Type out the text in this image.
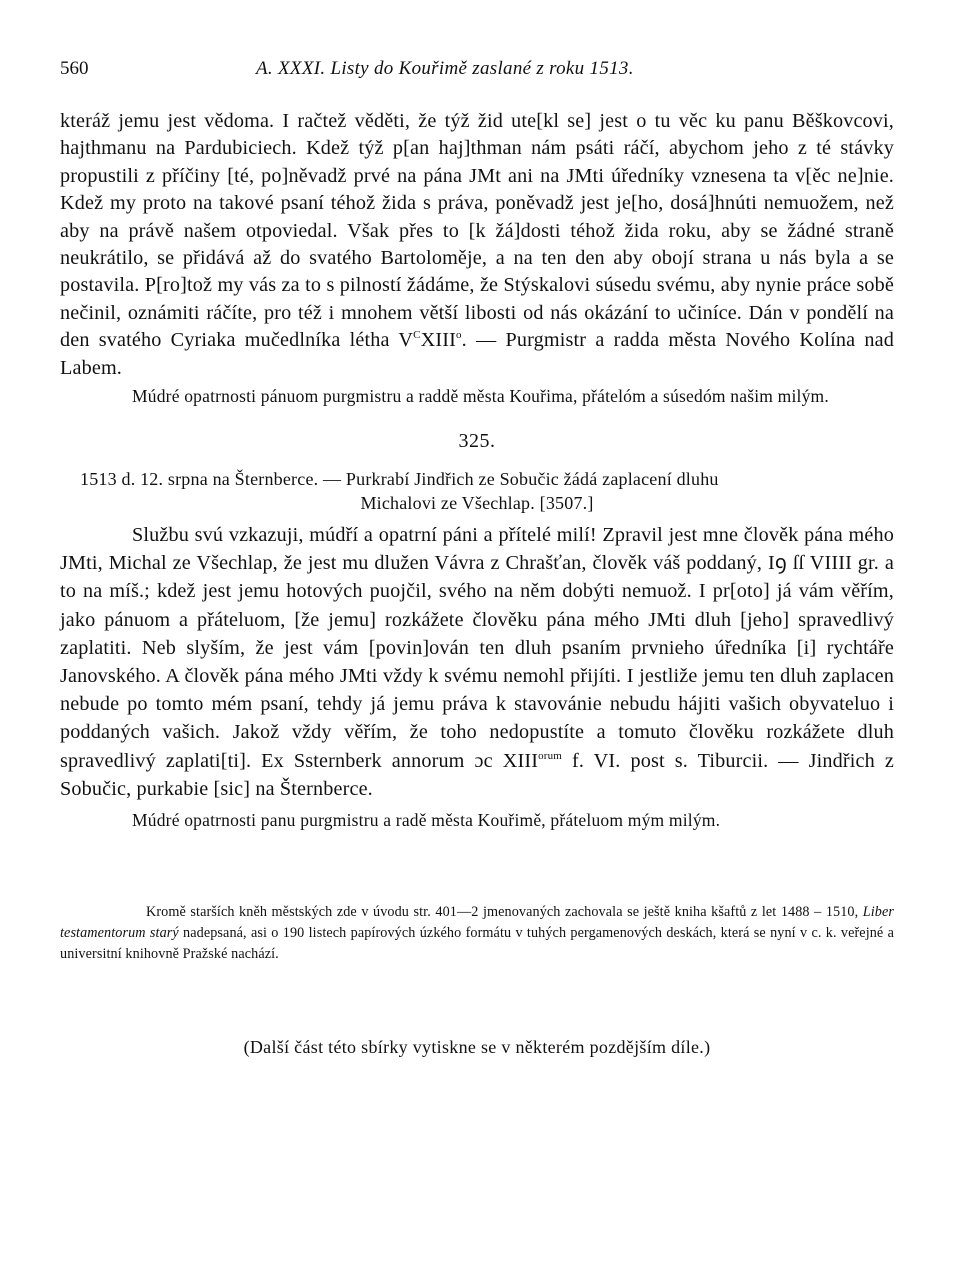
560	A. XXXI. Listy do Kouřimě zaslané z roku 1513.

kteráž jemu jest vědoma. I račtež věděti, že týž žid ute[kl se] jest o tu věc ku panu Běškovcovi, hajthmanu na Pardubiciech. Kdež týž p[an haj]thman nám psáti ráčí, abychom jeho z té stávky propustili z příčiny [té, po]něvadž prvé na pána JMt ani na JMti úředníky vznesena ta v[ěc ne]nie. Kdež my proto na takové psaní téhož žida s práva, poněvadž jest je[ho, dosá]hnúti nemuožem, než aby na právě našem otpoviedal. Však přes to [k žá]dosti téhož žida roku, aby se žádné straně neukrátilo, se přidává až do svatého Bartoloměje, a na ten den aby obojí strana u nás byla a se postavila. P[ro]tož my vás za to s pilností žádáme, že Stýskalovi súsedu svému, aby nynie práce sobě nečinil, oznámiti ráčíte, pro též i mnohem větší libosti od nás okázání to učiníce. Dán v pondělí na den svatého Cyriaka mučedlníka létha $V^CXIII^o$. — Purgmistr a radda města Nového Kolína nad Labem.

Múdré opatrnosti pánuom purgmistru a raddě města Kouřima, přátelóm a súsedóm našim milým.

325.
1513 d. 12. srpna na Šternberce. — Purkrabí Jindřich ze Sobučic žádá zaplacení dluhu
Michalovi ze Všechlap. [3507.]

Službu svú vzkazuji, múdří a opatrní páni a přítelé milí! Zpravil jest mne člověk pána mého JMti, Michal ze Všechlap, že jest mu dlužen Vávra z Chrašťan, člověk váš poddaný, Iꝯ ſſ VIIII gr. a to na míš.; kdež jest jemu hotových puojčil, svého na něm dobýti nemuož. I pr[oto] já vám věřím, jako pánuom a přáteluom, [že jemu] rozkážete člověku pána mého JMti dluh [jeho] spravedlivý zaplatiti. Neb slyším, že jest vám [povin]ován ten dluh psaním prvnieho úředníka [i] rychtáře Janovského. A člověk pána mého JMti vždy k svému nemohl přijíti. I jestliže jemu ten dluh zaplacen nebude po tomto mém psaní, tehdy já jemu práva k stavovánie nebudu hájiti vašich obyvateluo i poddaných vašich. Jakož vždy věřím, že toho nedopustíte a tomuto člověku rozkážete dluh spravedlivý zaplati[ti]. Ex Ssternberk annorum ɔc $XIII^{orum}$ f. VI. post s. Tiburcii. — Jindřich z Sobučic, purkabie [sic] na Šternberce.

Múdré opatrnosti panu purgmistru a radě města Kouřimě, přáteluom mým milým.

Kromě starších kněh městských zde v úvodu str. 401—2 jmenovaných zachovala se ještě kniha kšaftů z let 1488 – 1510, Liber testamentorum starý nadepsaná, asi o 190 listech papírových úzkého formátu v tuhých pergamenových deskách, která se nyní v c. k. veřejné a universitní knihovně Pražské nachází.
(Další část této sbírky vytiskne se v některém pozdějším díle.)
